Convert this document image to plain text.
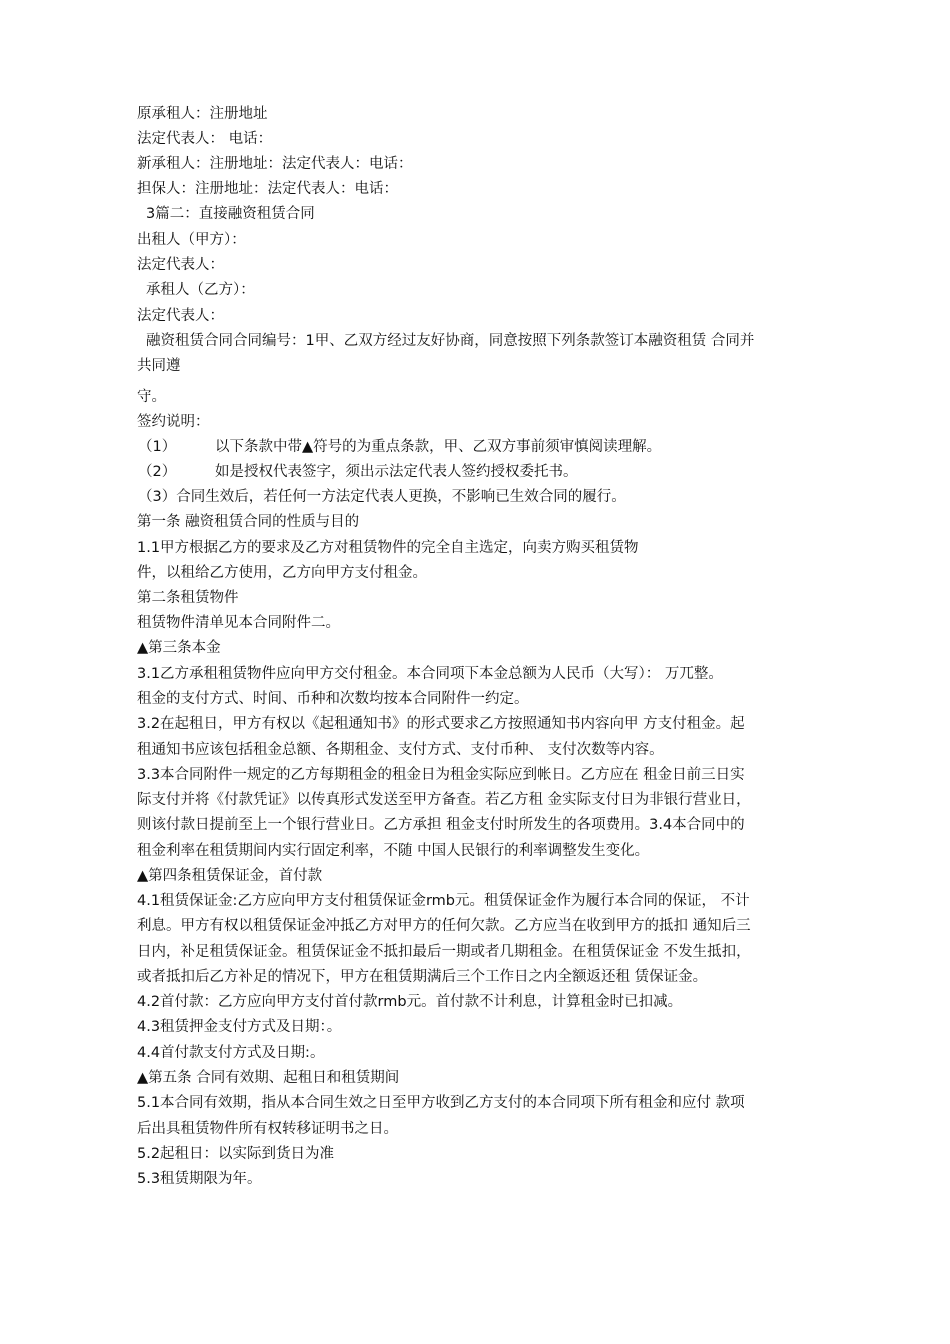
原承租人：注册地址
法定代表人： 电话：
新承租人：注册地址：法定代表人：电话：
担保人：注册地址：法定代表人：电话：
3篇二：直接融资租赁合同
出租人（甲方）：
法定代表人：
承租人（乙方）：
法定代表人：
融资租赁合同合同编号：1甲、乙双方经过友好协商，同意按照下列条款签订本融资租赁 合同并
共同遵
守。
签约说明：
（1）	以下条款中带▲符号的为重点条款，甲、乙双方事前须审慎阅读理解。
（2）	如是授权代表签字，须出示法定代表人签约授权委托书。
（3）合同生效后，若任何一方法定代表人更换，不影响已生效合同的履行。
第一条 融资租赁合同的性质与目的
1.1甲方根据乙方的要求及乙方对租赁物件的完全自主选定，向卖方购买租赁物
件，以租给乙方使用，乙方向甲方支付租金。
第二条租赁物件
租赁物件清单见本合同附件二。
▲第三条本金
3.1乙方承租租赁物件应向甲方交付租金。本合同项下本金总额为人民币（大写）： 万兀整。
租金的支付方式、时间、币种和次数均按本合同附件一约定。
3.2在起租日，甲方有权以《起租通知书》的形式要求乙方按照通知书内容向甲 方支付租金。起
租通知书应该包括租金总额、各期租金、支付方式、支付币种、 支付次数等内容。
3.3本合同附件一规定的乙方每期租金的租金日为租金实际应到帐日。乙方应在 租金日前三日实
际支付并将《付款凭证》以传真形式发送至甲方备查。若乙方租 金实际支付日为非银行营业日，
则该付款日提前至上一个银行营业日。乙方承担 租金支付时所发生的各项费用。3.4本合同中的
租金利率在租赁期间内实行固定利率，不随 中国人民银行的利率调整发生变化。
▲第四条租赁保证金，首付款
4.1租赁保证金:乙方应向甲方支付租赁保证金rmb元。租赁保证金作为履行本合同的保证， 不计
利息。甲方有权以租赁保证金冲抵乙方对甲方的任何欠款。乙方应当在收到甲方的抵扣 通知后三
日内，补足租赁保证金。租赁保证金不抵扣最后一期或者几期租金。在租赁保证金 不发生抵扣，
或者抵扣后乙方补足的情况下，甲方在租赁期满后三个工作日之内全额返还租 赁保证金。
4.2首付款：乙方应向甲方支付首付款rmb元。首付款不计利息，计算租金时已扣减。
4.3租赁押金支付方式及日期：。
4.4首付款支付方式及日期:。
▲第五条 合同有效期、起租日和租赁期间
5.1本合同有效期，指从本合同生效之日至甲方收到乙方支付的本合同项下所有租金和应付 款项
后出具租赁物件所有权转移证明书之日。
5.2起租日：以实际到货日为准
5.3租赁期限为年。
